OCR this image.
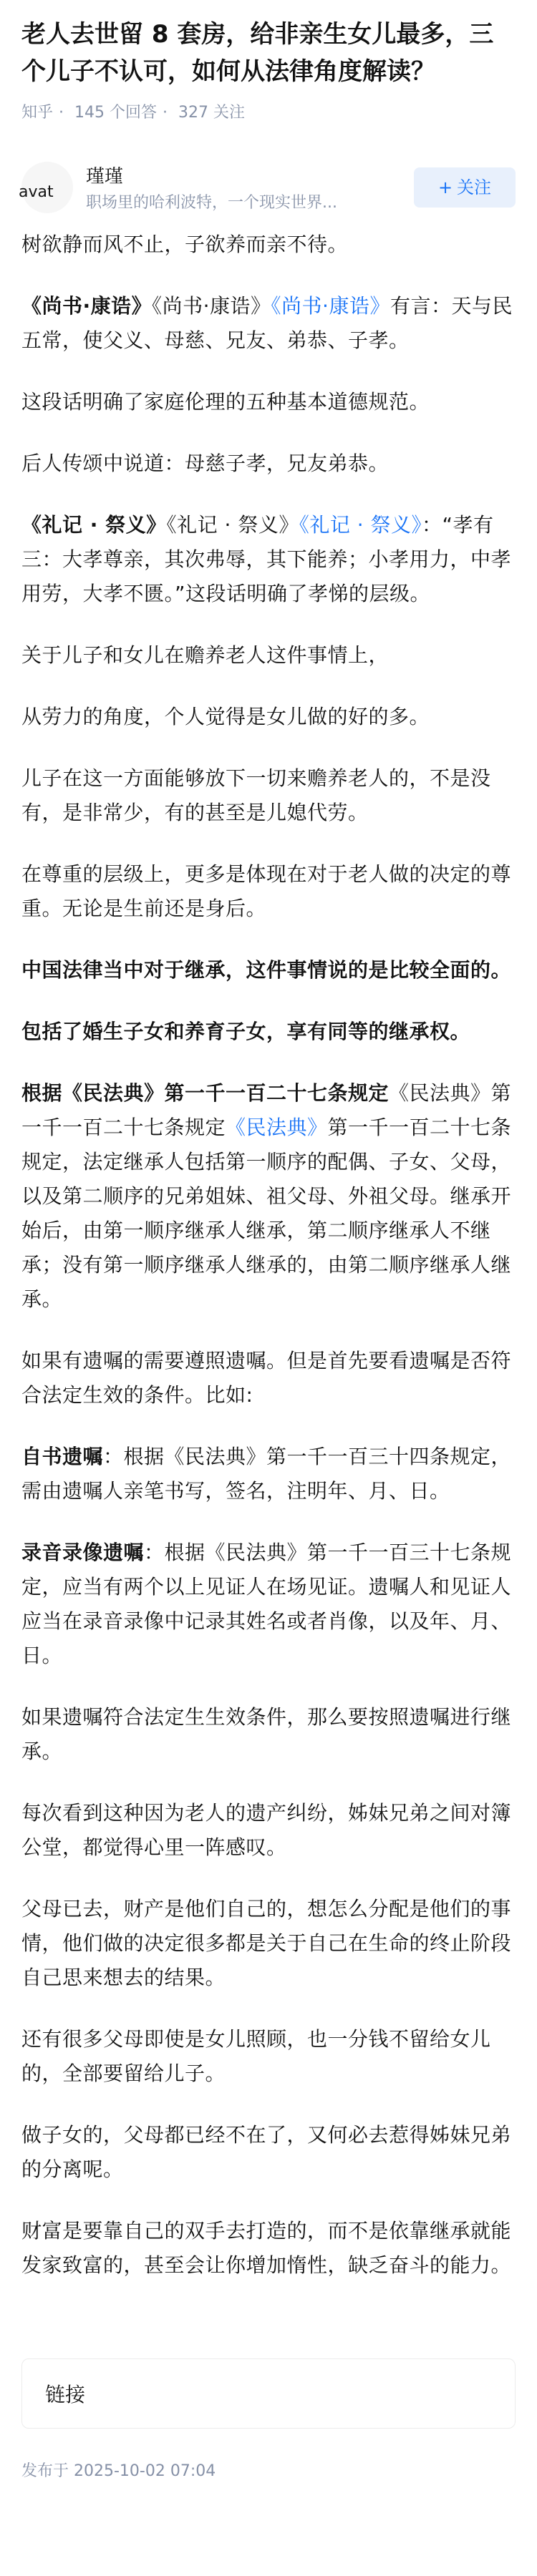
老人去世留 8 套房，给非亲生女儿最多，三个儿子不认可，如何从法律角度解读？
知乎 · 145 个回答 · 327 关注
avat
瑾瑾
职场里的哈利波特，一个现实世界...
+ 关注

树欲静而风不止，子欲养而亲不待。

《尚书·康诰》《尚书·康诰》《尚书·康诰》有言：天与民五常，使父义、母慈、兄友、弟恭、子孝。

这段话明确了家庭伦理的五种基本道德规范。

后人传颂中说道：母慈子孝，兄友弟恭。

《礼记 · 祭义》《礼记 · 祭义》《礼记 · 祭义》：“孝有三：大孝尊亲，其次弗辱，其下能养；小孝用力，中孝用劳，大孝不匮。”这段话明确了孝悌的层级。

关于儿子和女儿在赡养老人这件事情上，

从劳力的角度，个人觉得是女儿做的好的多。

儿子在这一方面能够放下一切来赡养老人的，不是没有，是非常少，有的甚至是儿媳代劳。

在尊重的层级上，更多是体现在对于老人做的决定的尊重。无论是生前还是身后。

中国法律当中对于继承，这件事情说的是比较全面的。

包括了婚生子女和养育子女，享有同等的继承权。

根据《民法典》第一千一百二十七条规定《民法典》第一千一百二十七条规定《民法典》第一千一百二十七条规定，法定继承人包括第一顺序的配偶、子女、父母，以及第二顺序的兄弟姐妹、祖父母、外祖父母。继承开始后，由第一顺序继承人继承，第二顺序继承人不继承；没有第一顺序继承人继承的，由第二顺序继承人继承。

如果有遗嘱的需要遵照遗嘱。但是首先要看遗嘱是否符合法定生效的条件。比如:

自书遗嘱：根据《民法典》第一千一百三十四条规定，需由遗嘱人亲笔书写，签名，注明年、月、日。

录音录像遗嘱：根据《民法典》第一千一百三十七条规定，应当有两个以上见证人在场见证。遗嘱人和见证人应当在录音录像中记录其姓名或者肖像，以及年、月、日。

如果遗嘱符合法定生生效条件，那么要按照遗嘱进行继承。

每次看到这种因为老人的遗产纠纷，姊妹兄弟之间对簿公堂，都觉得心里一阵感叹。

父母已去，财产是他们自己的，想怎么分配是他们的事情，他们做的决定很多都是关于自己在生命的终止阶段自己思来想去的结果。

还有很多父母即使是女儿照顾，也一分钱不留给女儿的，全部要留给儿子。

做子女的，父母都已经不在了，又何必去惹得姊妹兄弟的分离呢。

财富是要靠自己的双手去打造的，而不是依靠继承就能发家致富的，甚至会让你增加惰性，缺乏奋斗的能力。

链接
发布于 2025-10-02 07:04
